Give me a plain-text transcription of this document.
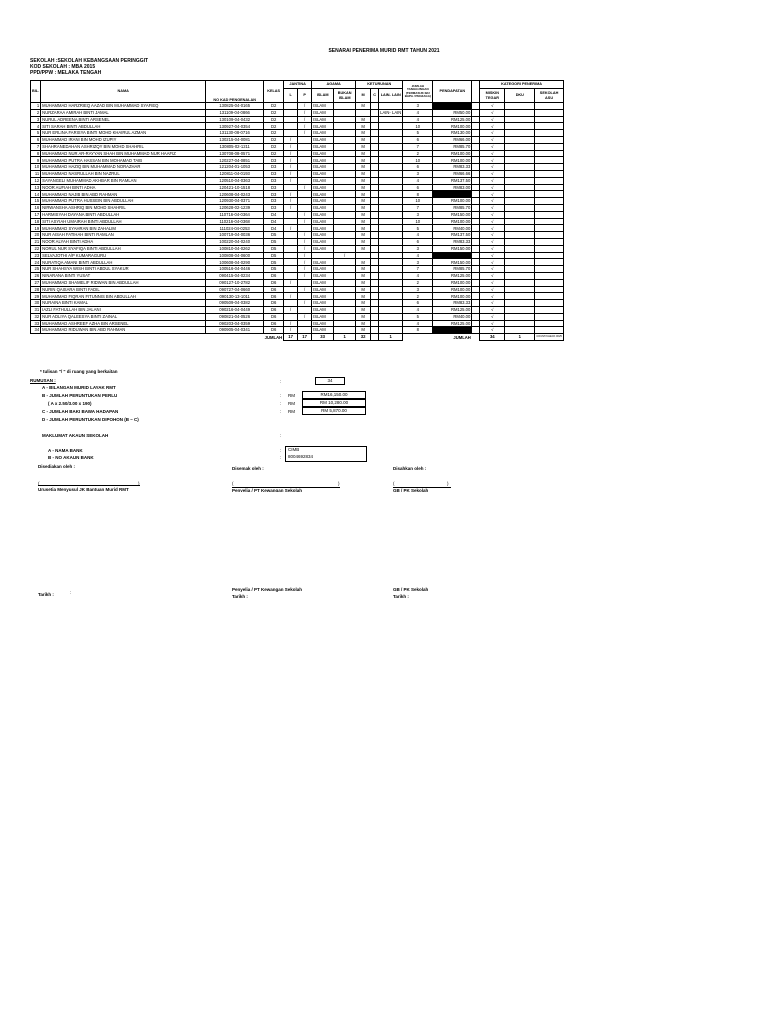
SENARAI PENERIMA MURID RMT TAHUN 2021
SEKOLAH :SEKOLAH KEBANGSAAN PERINGGIT
KOD SEKOLAH : MBA 2015
PPD/PPW : MELAKA TENGAH
BIL.	NAMA	NO KAD PENGENALAN	KELAS	JANTINA		AGAMA		KETURUNAN			JUMLAH TANGGUNGAN (TERMASUK IBU BAPA / PENJAGA)	PENDAPATAN		KATEGORI PENERIMA		
				L	P	ISLAM	BUKAN ISLAM	M	C	LAIN- LAIN				MISKIN TEGAR	DKU	SEKOLAH ASU
1	MUHAMMAD HARZRIEQ AAZAD BIN MUHAMMAD SYAFIEQ	130825-04-0165	D2		/	ISLAM		M			3			√		
2	NURZARAA AMIRAH BINTI JAMAL	131109-04-0866	D2		/	ISLAM				LAIN- LAIN	4	RM50.00		√		
3	NURUL ADREENA BINTI ARSENEL	130109-04-0432	D2		/	ISLAM		M			4	RM125.00		√		
4	SITI SARAH BINTI ABDULLAH	130927-04-0354	D2		/	ISLAM		M			10	RM100.00		√		
5	NUR ERLINA FARISYA BINTI MOHD KHAIRUL AZMAN	131130-08-0716	D2		/	ISLAM		M			5	RM130.00		√		
6	MUHAMMAD IRANI BIN MOHD IZUPIY	130215-04-0081	D2	/		ISLAM		M			6	RM66.00		√		
7	SHAHRANEDAHAN ASHRIZQY BIN MOHD SHAHRIL	130805-02-1211	D2	/		ISLAM		M			7	RM85.70		√		
8	MUHAMMAD NUR AR-RAYYAN SHAH BIN MUHAMMAD NUR HAAFIZ	130708-08-0571	D2	/		ISLAM		M			2	RM100.00		√		
9	MUHAMMAD PUTRA HASSAN BIN MOHAMAD TAIB	120227-04-0851	D3	/		ISLAM		M			10	RM100.00		√		
10	MUHAMMAD HAZIQ BIN MUHAMMAD NORAZHAR	121204-01-1053	D3	/		ISLAM		M			6	RM83.33		√		
11	MUHAMMAD NASRULLAH BIN NAZRUL	120811-04-0193	D3	/		ISLAM		M			3	RM66.66		√		
12	SAYANGELI MUHAMMAD AKHBAR BIN RAMLAN	120510-04-0363	D3	/		ISLAM		M			4	RM137.50		√		
13	NOOR AUFIAH BINTI ADHA	120421-10-1518	D3		/	ISLAM		M			6	RM83.00		√		
14	MUHAMMAD NAJIB BIN ABD RAHMAN	120608-04-0243	D3	/		ISLAM		M			8			√		
15	MUHAMMAD PUTRA HUSSEIN BIN ABDULLAH	120930-04-0371	D3	/		ISLAM		M			10	RM100.00		√		
16	NIRWANSHA ASHRIQ BIN MOHD SHAHRIL	120628-02-1239	D3	/		ISLAM		M			7	RM85.70		√		
17	HARMISYAH DAYANA BINTI ABDULLAH	110716-04-0364	D4		/	ISLAM		M			3	RM150.00		√		
18	SITI ASYIAH UMAIRAH BINTI ABDULLAH	110216-04-0368	D4		/	ISLAM		M			10	RM100.00		√		
19	MUHAMMAD SYAHRAN BIN ZAHALIM	111024-04-0253	D4	/		ISLAM		M			5	RM40.00		√		
20	NUR AISAH FATIHAH BINTI RAMLAN	100719-04-0036	D5		/	ISLAM		M			4	RM137.50		√		
21	NOOR ALYAH BINTI ADHA	100220-04-0240	D5		/	ISLAM		M			6	RM83.33		√		
22	NORUL NUR SYAFIQA BINTI ABDULLAH	100810-04-0262	D5		/	ISLAM		M			3	RM150.00		√		
23	SELVAJOTHI A/P KUMARAGURU	100808-04-0600	D5		/		/				4			√		
24	NURATIQA AMANI BINTI ABDULLAH	100608-04-0290	D5		/	ISLAM		M			3	RM150.00		√		
25	NUR SHAHSYA WISH BINTI ABDUL SYAKUR	100516-04-0446	D5		/	ISLAM		M			7	RM85.70		√		
26	NINARANA BINTI YUSAT	090415-04-0234	D6		/	ISLAM		M			4	RM125.00		√		
27	MUHAMMAD SHAMELIF RIDWAN BIN ABDULLAH	090127-10-2782	D6	/		ISLAM		M			2	RM100.00		√		
28	NURIN QAISARA BINTI FADIL	090727-04-0660	D6		/	ISLAM		M			3	RM100.00		√		
29	MUHAMMAD FIQRAN FITUNNIS BIN ABDULLAH	090130-13-1011	D6	/		ISLAM		M			2	RM100.00		√		
30	NURAINA BINTI KAMAL	090509-04-0382	D6		/	ISLAM		M			6	RM83.33		√		
31	IAZLI FATHULLAH BIN JALANI	090216-04-0449	D6	/		ISLAM		M			4	RM125.00		√		
32	NUR ADLIYA QALEESYA BINTI ZAINAL	090821-04-0526	D6		/	ISLAM		M			5	RM40.00		√		
33	MUHAMMAD ASHREEF AZHA BIN ARSENEL	090203-04-0359	D6	/		ISLAM		M			4	RM125.00		√		
34	MUHAMMAD RIDUWAN BIN ABD RAHMAN	090905-04-0341	D6	/		ISLAM		M			8			√		
			JUMLAH	17	17	33	1	32		1		JUMLAH		34	1	COUNT/CHECK 0025
* tulisan "/ " di ruang yang berkaitan
RUMUSAN :	:	34
A - BILANGAN MURID LAYAK RMT
B - JUMLAH PERUNTUKAN PERLU	: RM	RM16,150.00
( A x 2.50/3.00 x 190)
C - JUMLAH BAKI BAWA HADAPAN
: RM	RM 10,280.00
D - JUMLAH PERUNTUKAN DIPOHON (B – C)
: RM	RM 5,870.00
MAKLUMAT AKAUN SEKOLAH	:
A - NAMA BANK	: CIMB
B - NO AKAUN BANK	: 8004692834
Disediakan oleh :	Disemak oleh :	Disahkan oleh :
(	)
Urusetia Menyusul JK Bantuan Murid RMT
(	)
Penyelia / PT Kewangan Sekolah
(	)
GB / PK Sekolah
Penyelia / PT Kewangan Sekolah	GB / PK Sekolah
Tarikh :	:
Tarikh :	Tarikh :
